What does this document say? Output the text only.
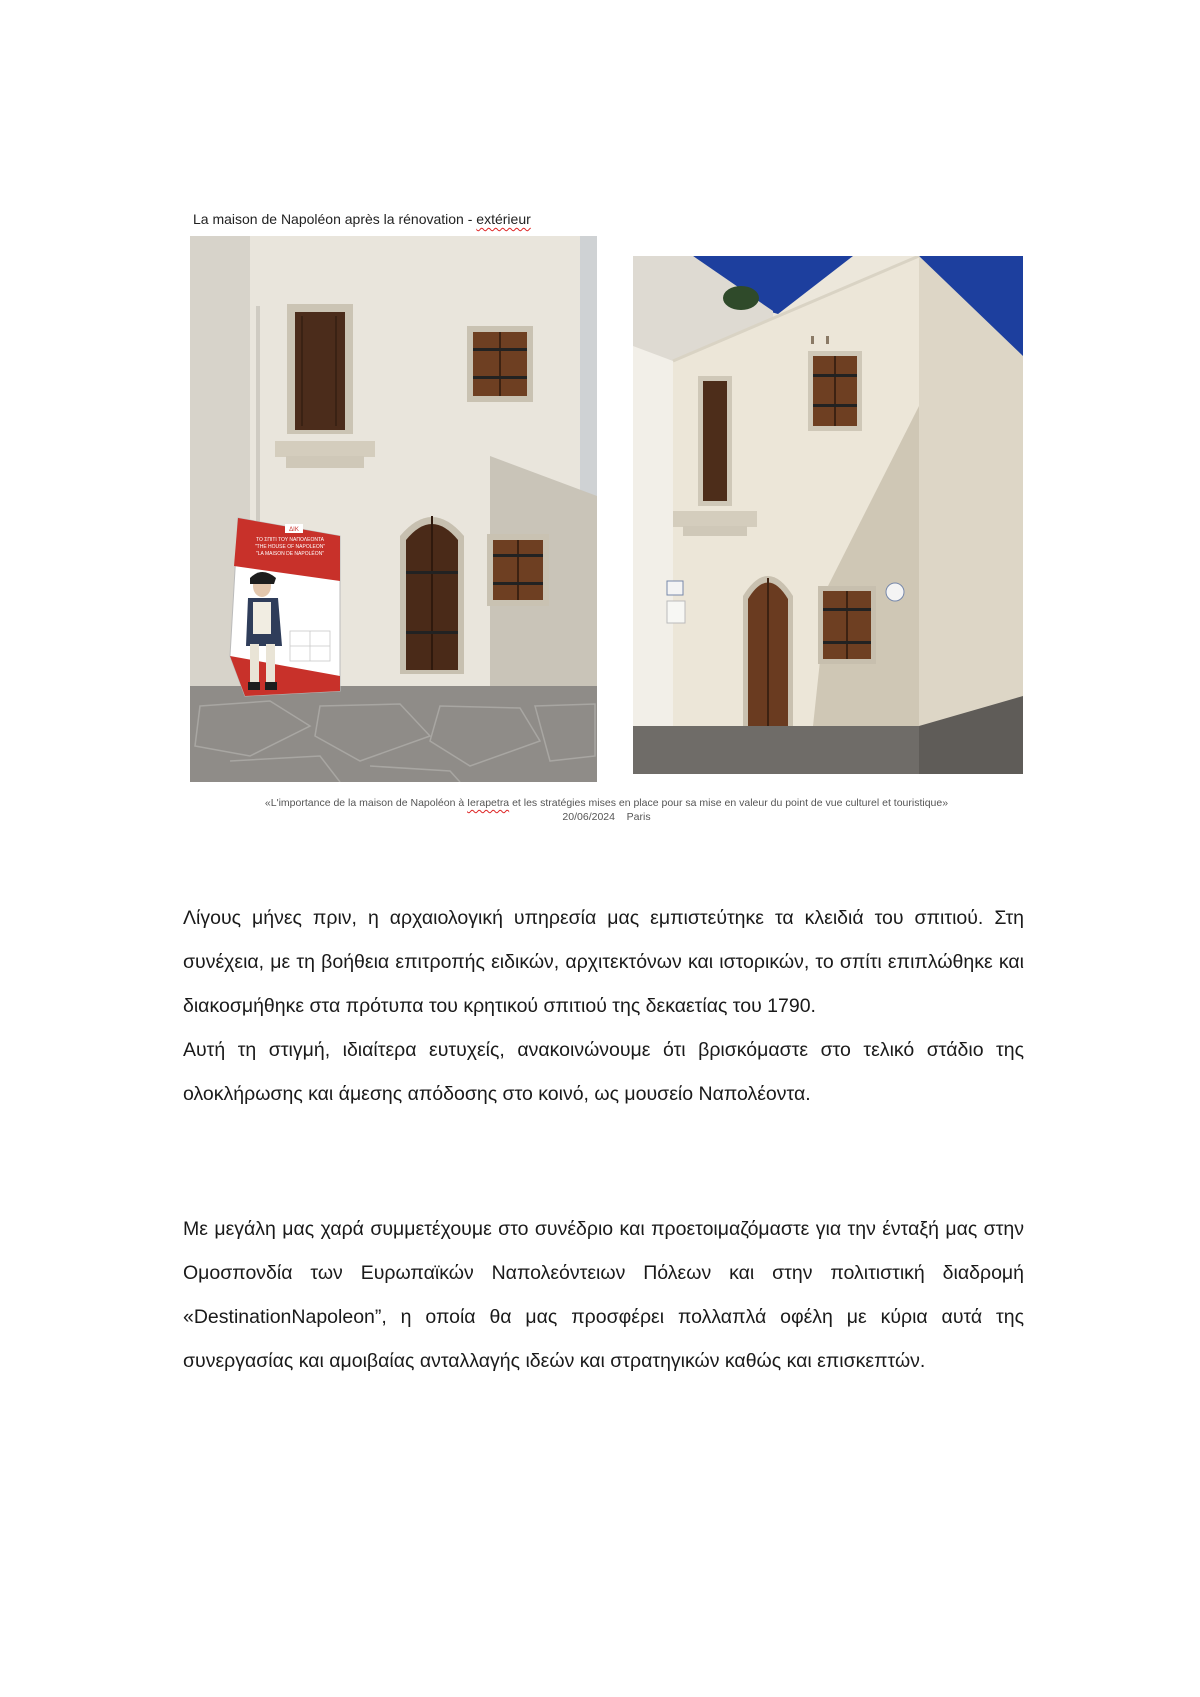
La maison de Napoléon après la rénovation - extérieur
ΔΙΚ
ΤΟ ΣΠΙΤΙ ΤΟΥ ΝΑΠΟΛΕΟΝΤΑ
"THE HOUSE OF NAPOLEON"
"LA MAISON DE NAPOLÉON"
«L'importance de la maison de Napoléon à Ierapetra et les stratégies mises en place pour sa mise en valeur du point de vue culturel et touristique»
20/06/2024    Paris

Λίγους μήνες πριν, η αρχαιολογική υπηρεσία μας εμπιστεύτηκε τα κλειδιά του σπιτιού. Στη συνέχεια, με τη βοήθεια επιτροπής ειδικών, αρχιτεκτόνων και ιστορικών, το σπίτι επιπλώθηκε και διακοσμήθηκε στα πρότυπα του κρητικού σπιτιού της δεκαετίας του 1790.

Αυτή τη στιγμή, ιδιαίτερα ευτυχείς, ανακοινώνουμε ότι βρισκόμαστε στο τελικό στάδιο της ολοκλήρωσης και άμεσης απόδοσης στο κοινό, ως μουσείο Ναπολέοντα.

Με μεγάλη μας χαρά συμμετέχουμε στο συνέδριο και προετοιμαζόμαστε για την ένταξή μας στην Ομοσπονδία των Ευρωπαϊκών Ναπολεόντειων Πόλεων και στην πολιτιστική διαδρομή «DestinationNapoleon”, η οποία θα μας προσφέρει πολλαπλά οφέλη με κύρια αυτά της συνεργασίας και αμοιβαίας ανταλλαγής ιδεών και στρατηγικών καθώς και επισκεπτών.
